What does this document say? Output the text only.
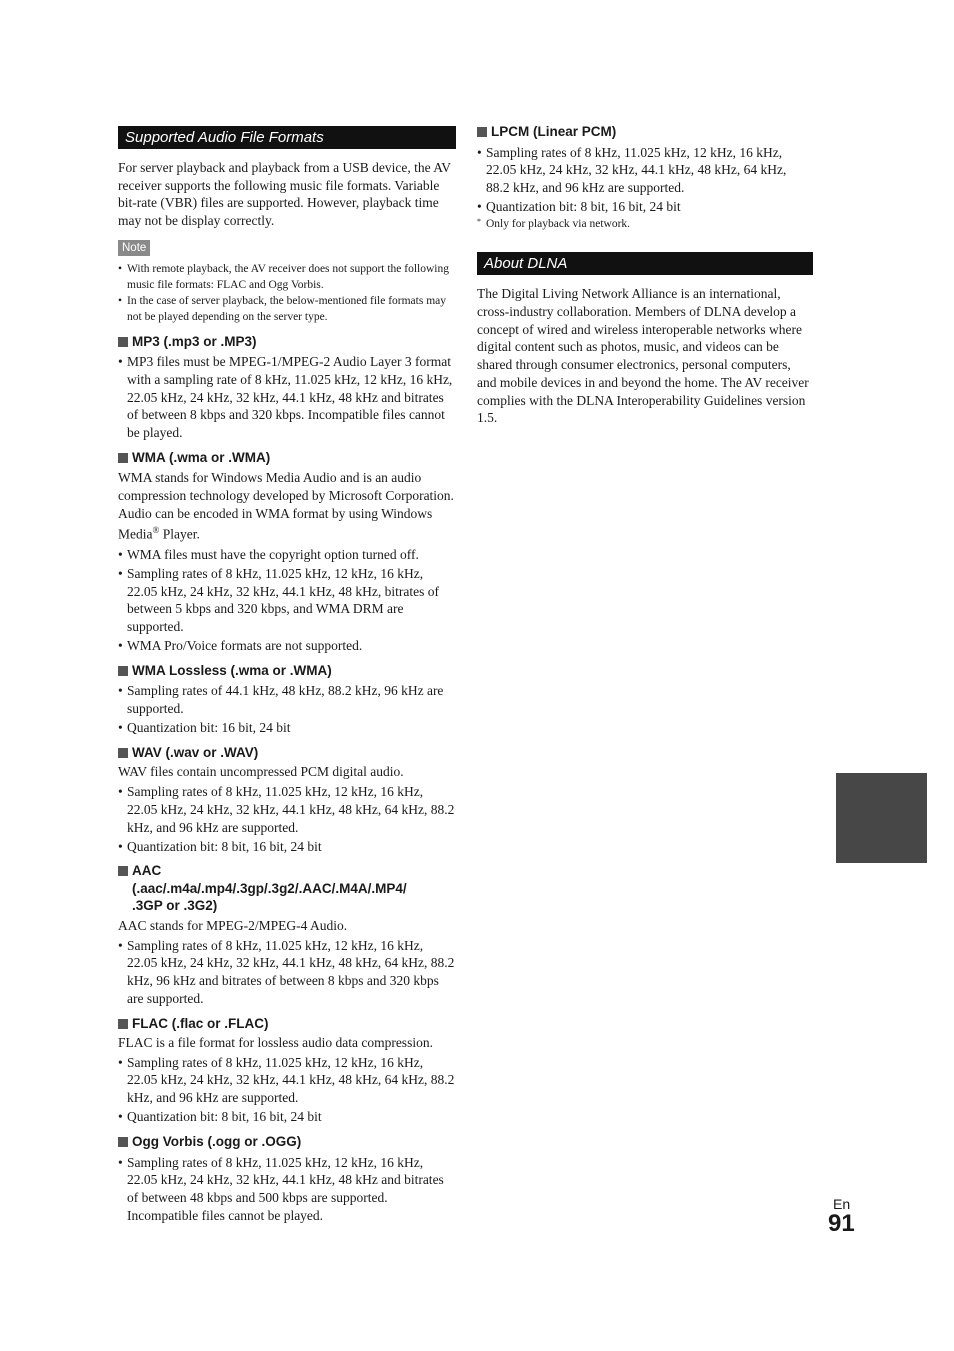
Supported Audio File Formats

For server playback and playback from a USB device, the AV receiver supports the following music file formats. Variable bit-rate (VBR) files are supported. However, playback time may not be display correctly.

Note
• With remote playback, the AV receiver does not support the following music file formats: FLAC and Ogg Vorbis.
• In the case of server playback, the below-mentioned file formats may not be played depending on the server type.
MP3 (.mp3 or .MP3)
• MP3 files must be MPEG-1/MPEG-2 Audio Layer 3 format with a sampling rate of 8 kHz, 11.025 kHz, 12 kHz, 16 kHz, 22.05 kHz, 24 kHz, 32 kHz, 44.1 kHz, 48 kHz and bitrates of between 8 kbps and 320 kbps. Incompatible files cannot be played.
WMA (.wma or .WMA)

WMA stands for Windows Media Audio and is an audio compression technology developed by Microsoft Corporation. Audio can be encoded in WMA format by using Windows Media® Player.

• WMA files must have the copyright option turned off.
• Sampling rates of 8 kHz, 11.025 kHz, 12 kHz, 16 kHz, 22.05 kHz, 24 kHz, 32 kHz, 44.1 kHz, 48 kHz, bitrates of between 5 kbps and 320 kbps, and WMA DRM are supported.
• WMA Pro/Voice formats are not supported.
WMA Lossless (.wma or .WMA)
• Sampling rates of 44.1 kHz, 48 kHz, 88.2 kHz, 96 kHz are supported.
• Quantization bit: 16 bit, 24 bit
WAV (.wav or .WAV)

WAV files contain uncompressed PCM digital audio.

• Sampling rates of 8 kHz, 11.025 kHz, 12 kHz, 16 kHz, 22.05 kHz, 24 kHz, 32 kHz, 44.1 kHz, 48 kHz, 64 kHz, 88.2 kHz, and 96 kHz are supported.
• Quantization bit: 8 bit, 16 bit, 24 bit
AAC
(.aac/.m4a/.mp4/.3gp/.3g2/.AAC/.M4A/.MP4/
.3GP or .3G2)

AAC stands for MPEG-2/MPEG-4 Audio.

• Sampling rates of 8 kHz, 11.025 kHz, 12 kHz, 16 kHz, 22.05 kHz, 24 kHz, 32 kHz, 44.1 kHz, 48 kHz, 64 kHz, 88.2 kHz, 96 kHz and bitrates of between 8 kbps and 320 kbps are supported.
FLAC (.flac or .FLAC)

FLAC is a file format for lossless audio data compression.

• Sampling rates of 8 kHz, 11.025 kHz, 12 kHz, 16 kHz, 22.05 kHz, 24 kHz, 32 kHz, 44.1 kHz, 48 kHz, 64 kHz, 88.2 kHz, and 96 kHz are supported.
• Quantization bit: 8 bit, 16 bit, 24 bit
Ogg Vorbis (.ogg or .OGG)
• Sampling rates of 8 kHz, 11.025 kHz, 12 kHz, 16 kHz, 22.05 kHz, 24 kHz, 32 kHz, 44.1 kHz, 48 kHz and bitrates of between 48 kbps and 500 kbps are supported. Incompatible files cannot be played.
LPCM (Linear PCM)
• Sampling rates of 8 kHz, 11.025 kHz, 12 kHz, 16 kHz, 22.05 kHz, 24 kHz, 32 kHz, 44.1 kHz, 48 kHz, 64 kHz, 88.2 kHz, and 96 kHz are supported.
• Quantization bit: 8 bit, 16 bit, 24 bit
* Only for playback via network.
About DLNA

The Digital Living Network Alliance is an international, cross-industry collaboration. Members of DLNA develop a concept of wired and wireless interoperable networks where digital content such as photos, music, and videos can be shared through consumer electronics, personal computers, and mobile devices in and beyond the home. The AV receiver complies with the DLNA Interoperability Guidelines version 1.5.

En
91
